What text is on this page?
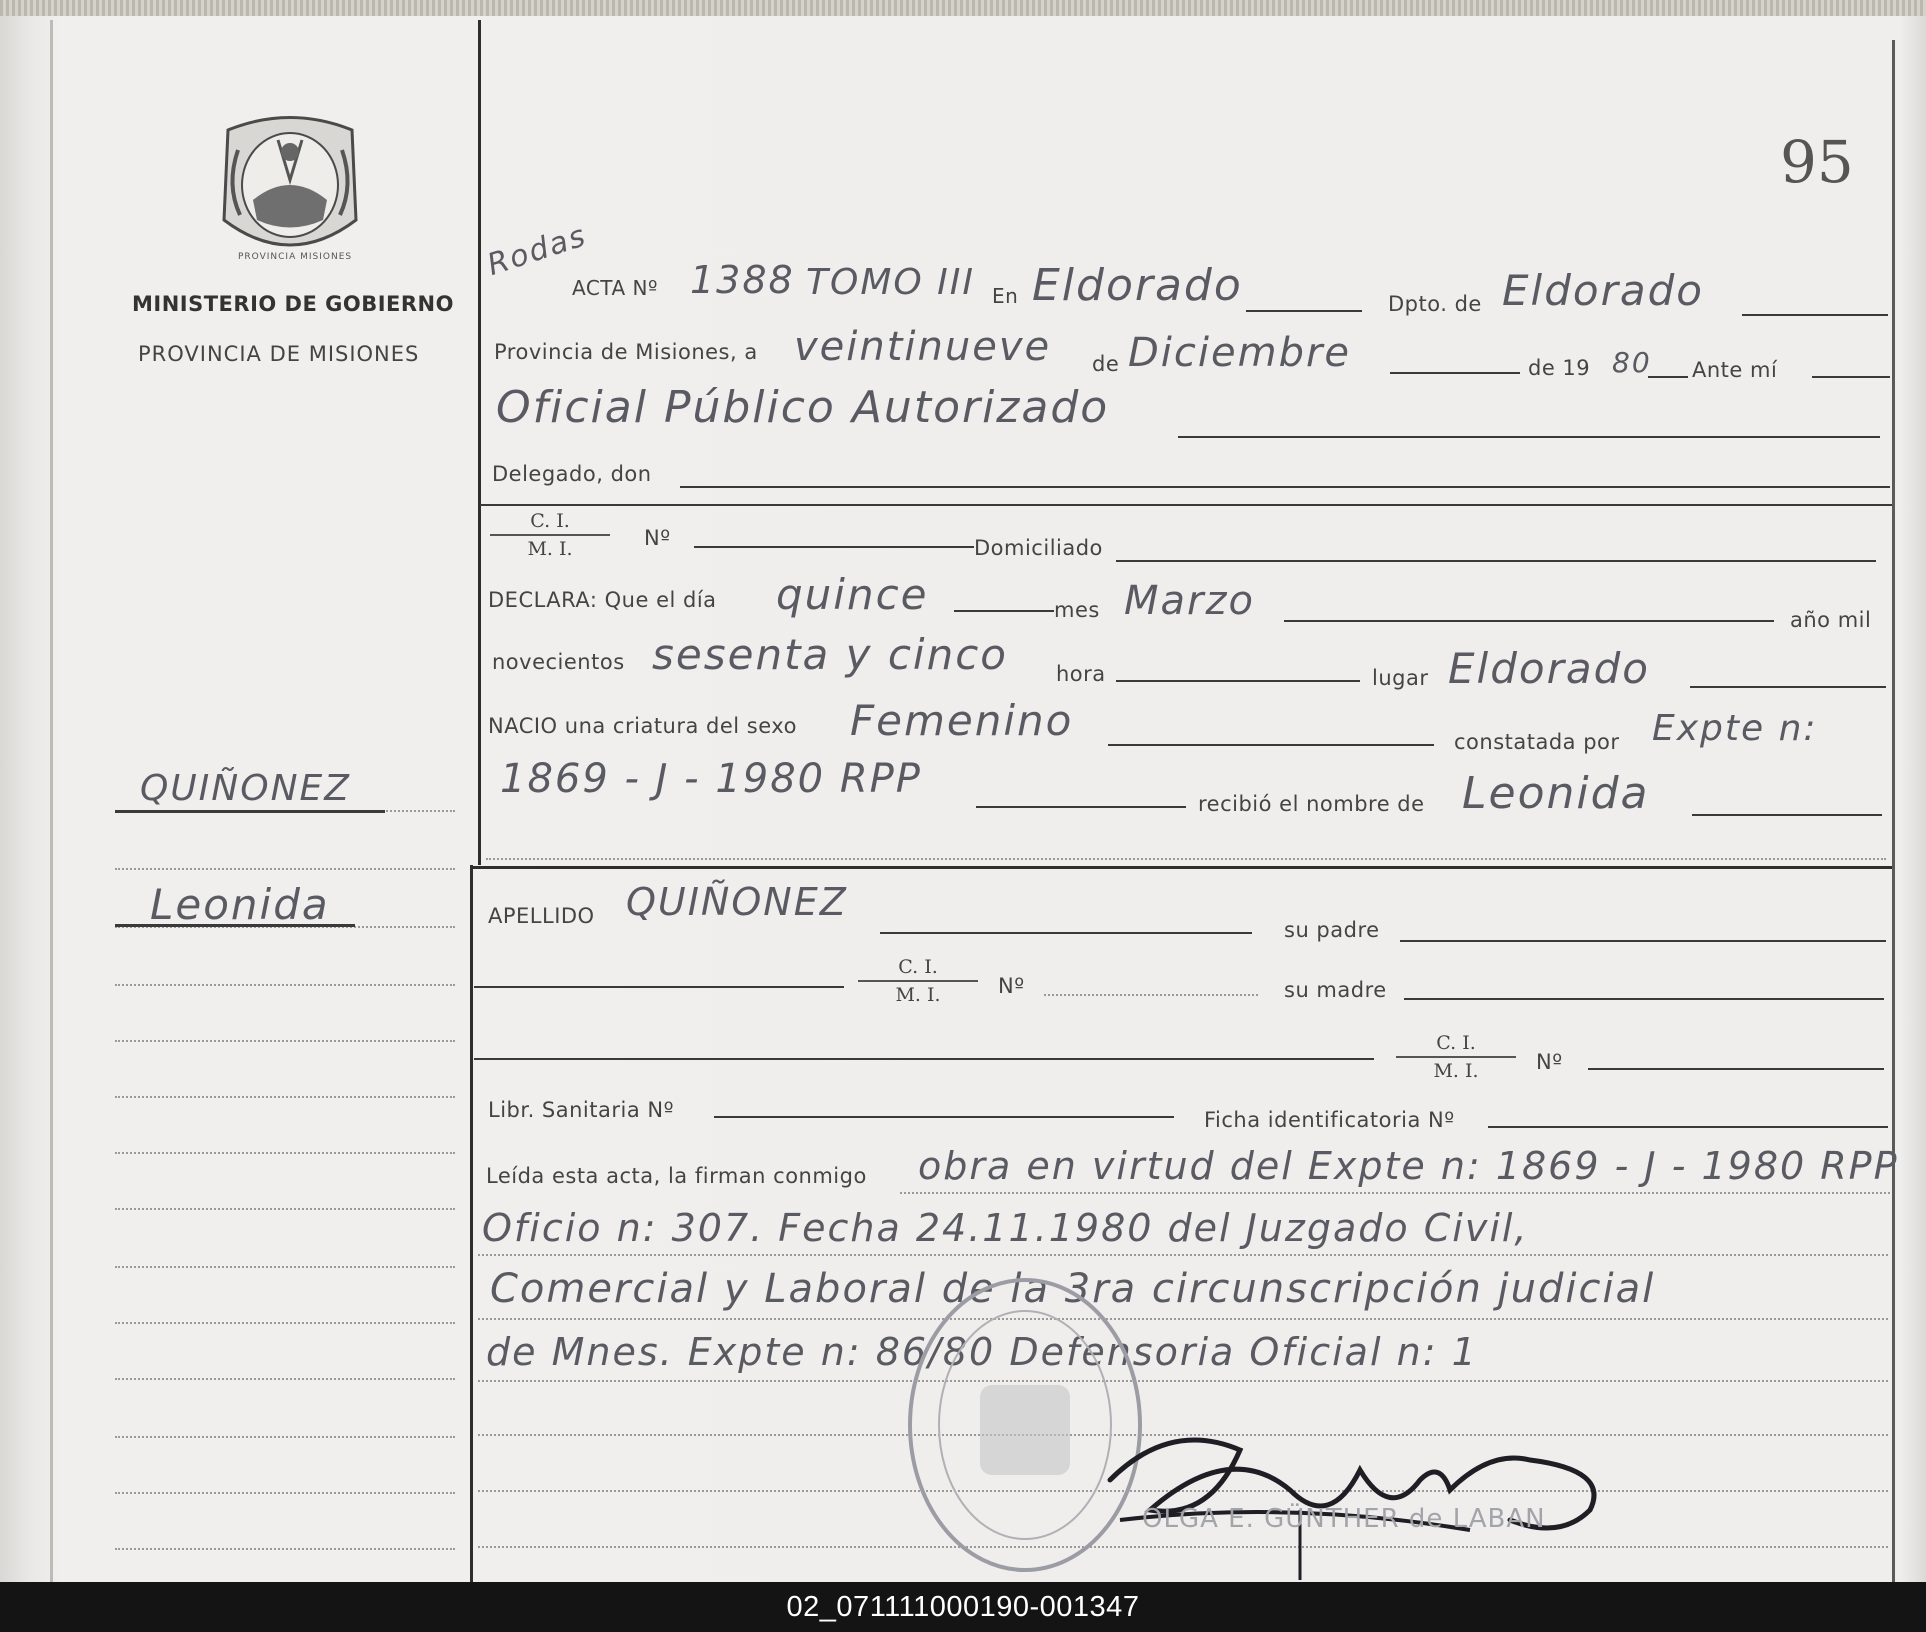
PROVINCIA MISIONES
MINISTERIO DE GOBIERNO
PROVINCIA DE MISIONES
95
QUIÑONEZ
Leonida
Rodas
ACTA Nº 1388 TOMO III En Eldorado	Dpto. de Eldorado
Provincia de Misiones, a veintinueve de Diciembre	de 19 80 Ante mí
Oficial Público Autorizado
Delegado, don
$\frac{C. I.}{M. I.}$ Nº	Domiciliado
DECLARA: Que el día quince	mes Marzo	año mil
novecientos sesenta y cinco hora	lugar Eldorado
NACIO una criatura del sexo Femenino	constatada por Expte n:
1869 - J - 1980 RPP
recibió el nombre de Leonida
APELLIDO QUIÑONEZ
su padre
$\frac{C. I.}{M. I.}$ Nº	su madre
$\frac{C. I.}{M. I.}$ Nº
Libr. Sanitaria Nº	Ficha identificatoria Nº
Leída esta acta, la firman conmigo obra en virtud del Expte n: 1869 - J - 1980 RPP
Oficio n: 307. Fecha 24.11.1980 del Juzgado Civil,
Comercial y Laboral de la 3ra circunscripción judicial
de Mnes. Expte n: 86/80 Defensoria Oficial n: 1
OLGA E. GÜNTHER de LABAN
02_071111000190-001347
